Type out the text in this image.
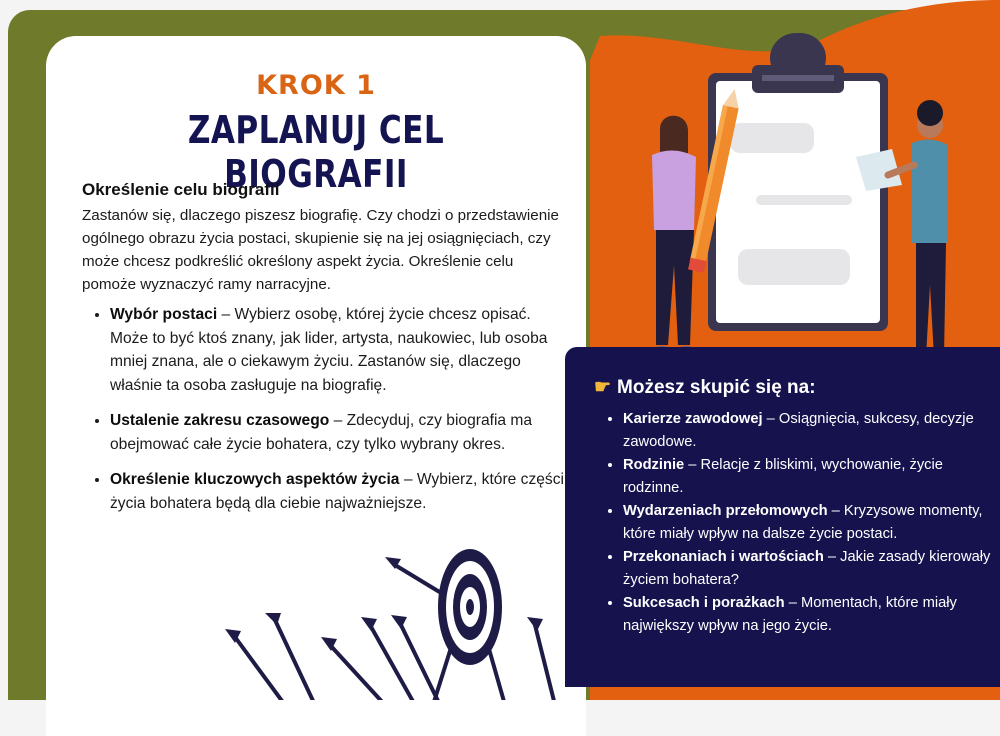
KROK 1
ZAPLANUJ CEL BIOGRAFII
Określenie celu biografii
Zastanów się, dlaczego piszesz biografię. Czy chodzi o przedstawienie ogólnego obrazu życia postaci, skupienie się na jej osiągnięciach, czy może chcesz podkreślić określony aspekt życia. Określenie celu pomoże wyznaczyć ramy narracyjne.
• Wybór postaci – Wybierz osobę, której życie chcesz opisać. Może to być ktoś znany, jak lider, artysta, naukowiec, lub osoba mniej znana, ale o ciekawym życiu. Zastanów się, dlaczego właśnie ta osoba zasługuje na biografię.
• Ustalenie zakresu czasowego – Zdecyduj, czy biografia ma obejmować całe życie bohatera, czy tylko wybrany okres.
• Określenie kluczowych aspektów życia – Wybierz, które części życia bohatera będą dla ciebie najważniejsze.
☛ Możesz skupić się na:
• Karierze zawodowej – Osiągnięcia, sukcesy, decyzje zawodowe.
• Rodzinie – Relacje z bliskimi, wychowanie, życie rodzinne.
• Wydarzeniach przełomowych – Kryzysowe momenty, które miały wpływ na dalsze życie postaci.
• Przekonaniach i wartościach – Jakie zasady kierowały życiem bohatera?
• Sukcesach i porażkach – Momentach, które miały największy wpływ na jego życie.
